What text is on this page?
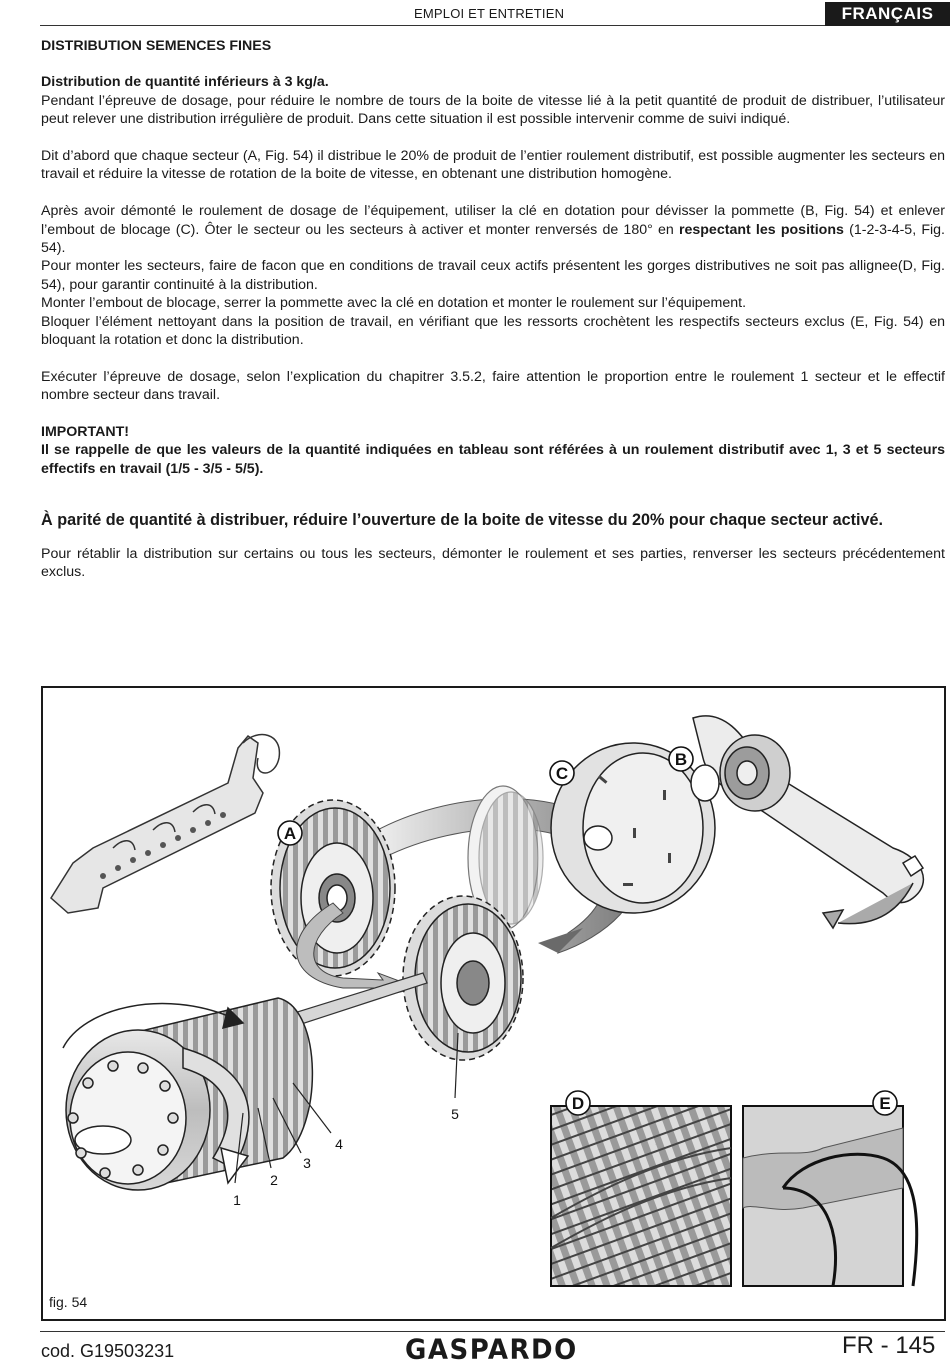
EMPLOI ET ENTRETIEN	FRANÇAIS

DISTRIBUTION SEMENCES FINES

Distribution de quantité inférieurs à 3 kg/a.

Pendant l’épreuve de dosage, pour réduire le nombre de tours de la boite de vitesse lié à la petit quantité de produit de distribuer, l’utilisateur peut relever une distribution irrégulière de produit. Dans cette situation il est possible intervenir comme de suivi indiqué.

Dit d’abord que chaque secteur (A, Fig. 54) il distribue le 20% de produit de l’entier roulement distributif, est possible augmenter les secteurs en travail et réduire la vitesse de rotation de la boite de vitesse, en obtenant une distribution homogène.

Après avoir démonté le roulement de dosage de l’équipement, utiliser la clé en dotation pour dévisser la pommette (B, Fig. 54) et enlever l’embout de blocage (C). Ôter le secteur ou les secteurs à activer et monter renversés de 180° en respectant les positions (1-2-3-4-5, Fig. 54).

Pour monter les secteurs, faire de facon que en conditions de travail ceux actifs présentent les gorges distributives ne soit pas allignee(D, Fig. 54), pour garantir continuité à la distribution.

Monter l’embout de blocage, serrer la pommette avec la clé en dotation et monter le roulement sur l’équipement.

Bloquer l’élément nettoyant dans la position de travail, en vérifiant que les ressorts crochètent les respectifs secteurs exclus (E, Fig. 54) en bloquant la rotation et donc la distribution.

Exécuter l’épreuve de dosage, selon l’explication du chapitrer 3.5.2, faire attention le proportion entre le roulement 1 secteur et le effectif nombre secteur dans travail.

IMPORTANT!

Il se rappelle de que les valeurs de la quantité indiquées en tableau sont référées à un roulement distributif avec 1, 3 et 5 secteurs effectifs en travail (1/5 - 3/5 - 5/5).

À parité de quantité à distribuer, réduire l’ouverture de la boite de vitesse du 20% pour chaque secteur activé.

Pour rétablir la distribution sur certains ou tous les secteurs, démonter le roulement et ses parties, renverser les secteurs précédentement exclus.

A
C
B
D	E
1
2
3
4
5
fig. 54
cod. G19503231	GASPARDO	FR - 145
